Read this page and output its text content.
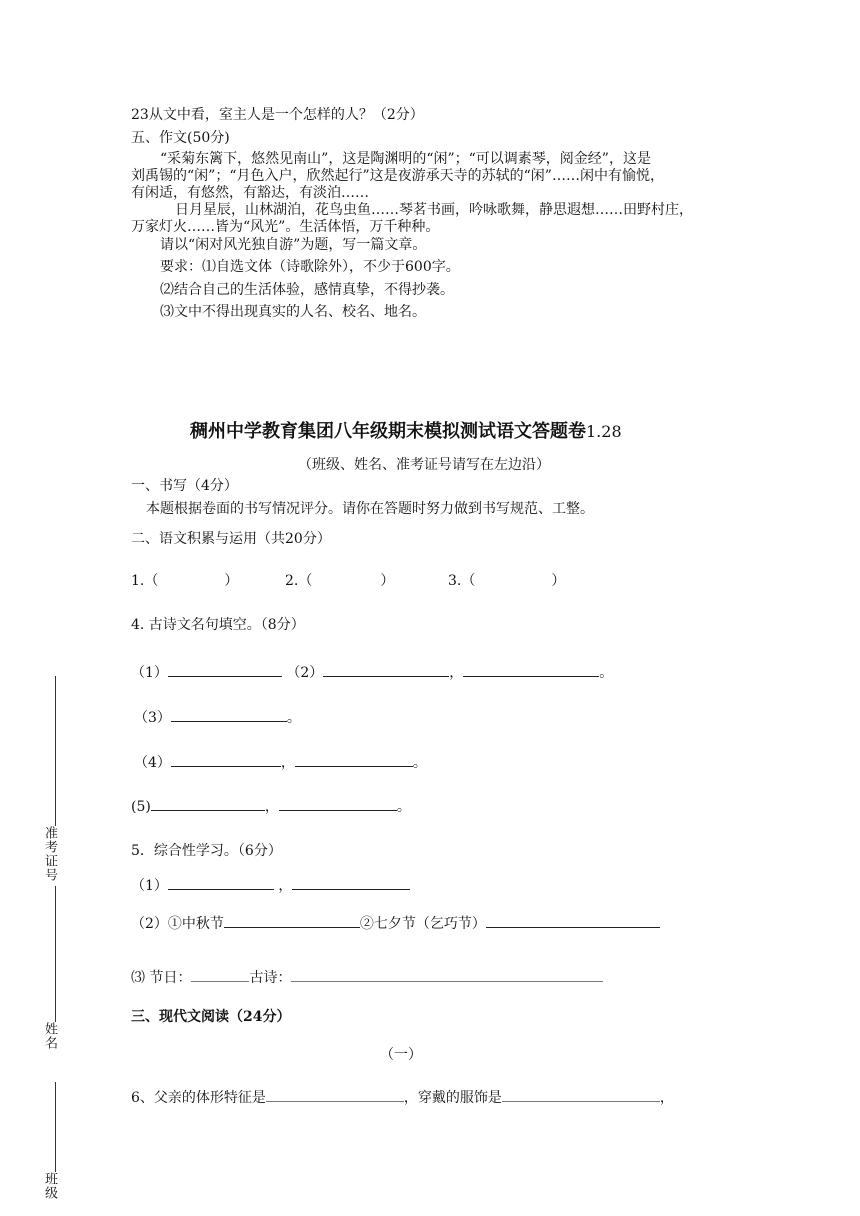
23从文中看，室主人是一个怎样的人？（2分）
五、作文(50分)
“采菊东篱下，悠然见南山”，这是陶渊明的“闲”；“可以调素琴，阅金经”，这是
刘禹锡的“闲”；“月色入户，欣然起行”这是夜游承天寺的苏轼的“闲”……闲中有愉悦，
有闲适，有悠然，有豁达，有淡泊……
日月星辰，山林湖泊，花鸟虫鱼……琴茗书画，吟咏歌舞，静思遐想……田野村庄，
万家灯火……皆为“风光”。生活体悟，万千种种。
请以“闲对风光独自游”为题，写一篇文章。
要求：⑴自选文体（诗歌除外），不少于600字。
⑵结合自己的生活体验，感情真挚，不得抄袭。
⑶文中不得出现真实的人名、校名、地名。
稠州中学教育集团八年级期末模拟测试语文答题卷1.28
（班级、姓名、准考证号请写在左边沿）
一、书写（4分）
本题根据卷面的书写情况评分。请你在答题时努力做到书写规范、工整。
二、语文积累与运用（共20分）
1.（	）	2.（	）	3.（	）
4. 古诗文名句填空。（8分）
（1）	（2）	，	。
（3）	。
（4）	，	。
(5)	，	。
5．综合性学习。（6分）
（1）	，
（2）①中秋节	②七夕节（乞巧节）
⑶ 节日：	古诗：
三、现代文阅读（24分）
（一）
6、父亲的体形特征是	，穿戴的服饰是	，
准考证号
姓名
班级
